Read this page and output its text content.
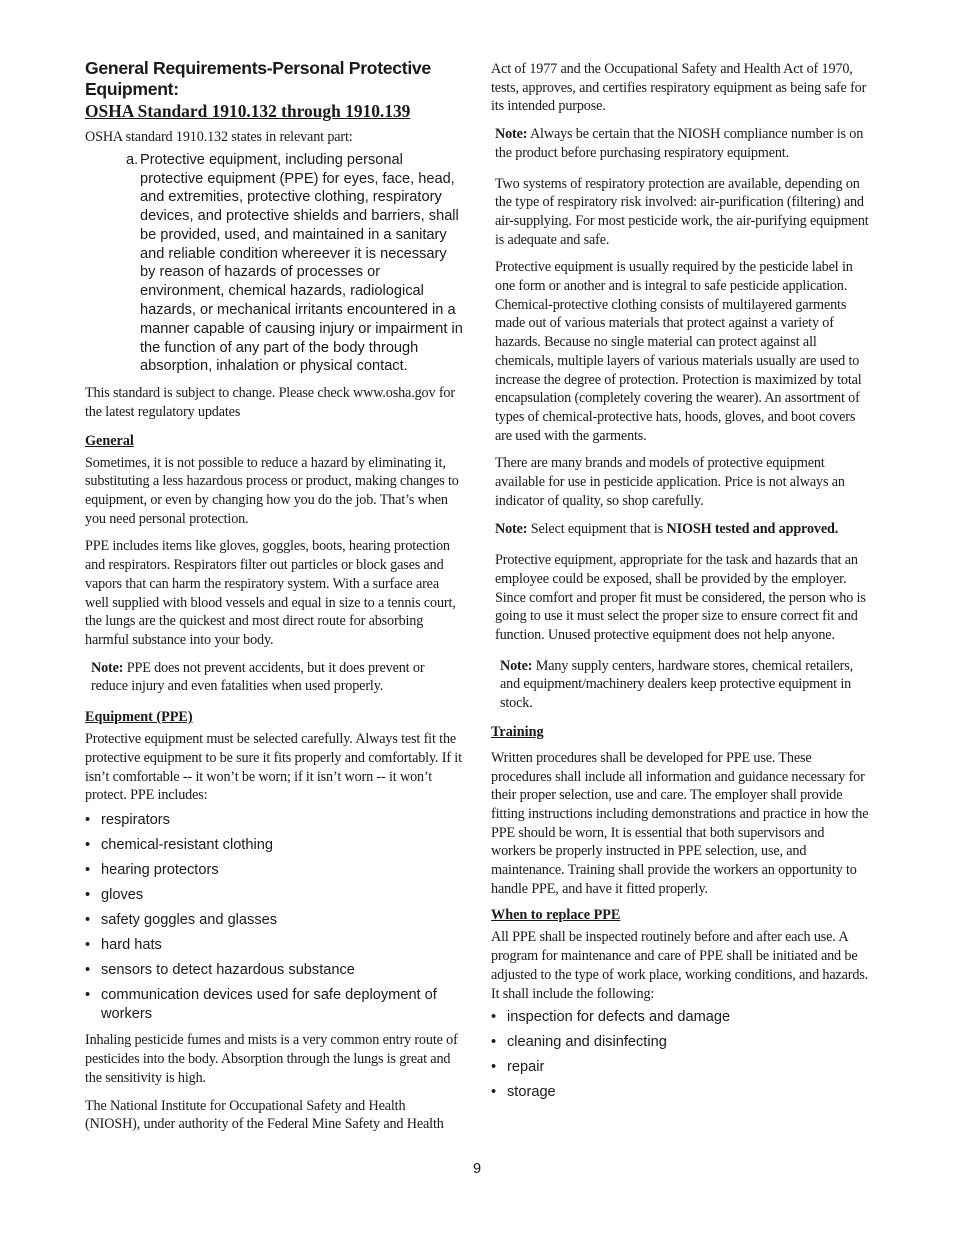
General Requirements-Personal Protective Equipment:
OSHA Standard 1910.132 through 1910.139

OSHA standard 1910.132 states in relevant part:

a. Protective equipment, including personal protective equipment (PPE) for eyes, face, head, and extremities, protective clothing, respiratory devices, and protective shields and barriers, shall be provided, used, and maintained in a sanitary and reliable condition whereever it is necessary by reason of hazards of processes or environment, chemical hazards, radiological hazards, or mechanical irritants encountered in a manner capable of causing injury or impairment in the function of any part of the body through absorption, inhalation or physical contact.

This standard is subject to change. Please check www.osha.gov for the latest regulatory updates

General

Sometimes, it is not possible to reduce a hazard by eliminating it, substituting a less hazardous process or product, making changes to equipment, or even by changing how you do the job. That’s when you need personal protection.

PPE includes items like gloves, goggles, boots, hearing protection and respirators. Respirators filter out particles or block gases and vapors that can harm the respiratory system. With a surface area well supplied with blood vessels and equal in size to a tennis court, the lungs are the quickest and most direct route for absorbing harmful substance into your body.

Note: PPE does not prevent accidents, but it does prevent or reduce injury and even fatalities when used properly.

Equipment (PPE)

Protective equipment must be selected carefully. Always test fit the protective equipment to be sure it fits properly and comfortably. If it isn’t comfortable -- it won’t be worn; if it isn’t worn -- it won’t protect. PPE includes:

• respirators
• chemical-resistant clothing
• hearing protectors
• gloves
• safety goggles and glasses
• hard hats
• sensors to detect hazardous substance
• communication devices used for safe deployment of workers

Inhaling pesticide fumes and mists is a very common entry route of pesticides into the body. Absorption through the lungs is great and the sensitivity is high.

The National Institute for Occupational Safety and Health (NIOSH), under authority of the Federal Mine Safety and Health

Act of 1977 and the Occupational Safety and Health Act of 1970, tests, approves, and certifies respiratory equipment as being safe for its intended purpose.

Note: Always be certain that the NIOSH compliance number is on the product before purchasing respiratory equipment.

Two systems of respiratory protection are available, depending on the type of respiratory risk involved: air-purification (filtering) and air-supplying. For most pesticide work, the air-purifying equipment is adequate and safe.

Protective equipment is usually required by the pesticide label in one form or another and is integral to safe pesticide application. Chemical-protective clothing consists of multilayered garments made out of various materials that protect against a variety of hazards. Because no single material can protect against all chemicals, multiple layers of various materials usually are used to increase the degree of protection. Protection is maximized by total encapsulation (completely covering the wearer). An assortment of types of chemical-protective hats, hoods, gloves, and boot covers are used with the garments.

There are many brands and models of protective equipment available for use in pesticide application. Price is not always an indicator of quality, so shop carefully.

Note: Select equipment that is NIOSH tested and approved.

Protective equipment, appropriate for the task and hazards that an employee could be exposed, shall be provided by the employer. Since comfort and proper fit must be considered, the person who is going to use it must select the proper size to ensure correct fit and function. Unused protective equipment does not help anyone.

Note: Many supply centers, hardware stores, chemical retailers, and equipment/machinery dealers keep protective equipment in stock.

Training

Written procedures shall be developed for PPE use. These procedures shall include all information and guidance necessary for their proper selection, use and care. The employer shall provide fitting instructions including demonstrations and practice in how the PPE should be worn, It is essential that both supervisors and workers be properly instructed in PPE selection, use, and maintenance. Training shall provide the workers an opportunity to handle PPE, and have it fitted properly.

When to replace PPE

All PPE shall be inspected routinely before and after each use. A program for maintenance and care of PPE shall be initiated and be adjusted to the type of work place, working conditions, and hazards. It shall include the following:

• inspection for defects and damage
• cleaning and disinfecting
• repair
• storage
9
